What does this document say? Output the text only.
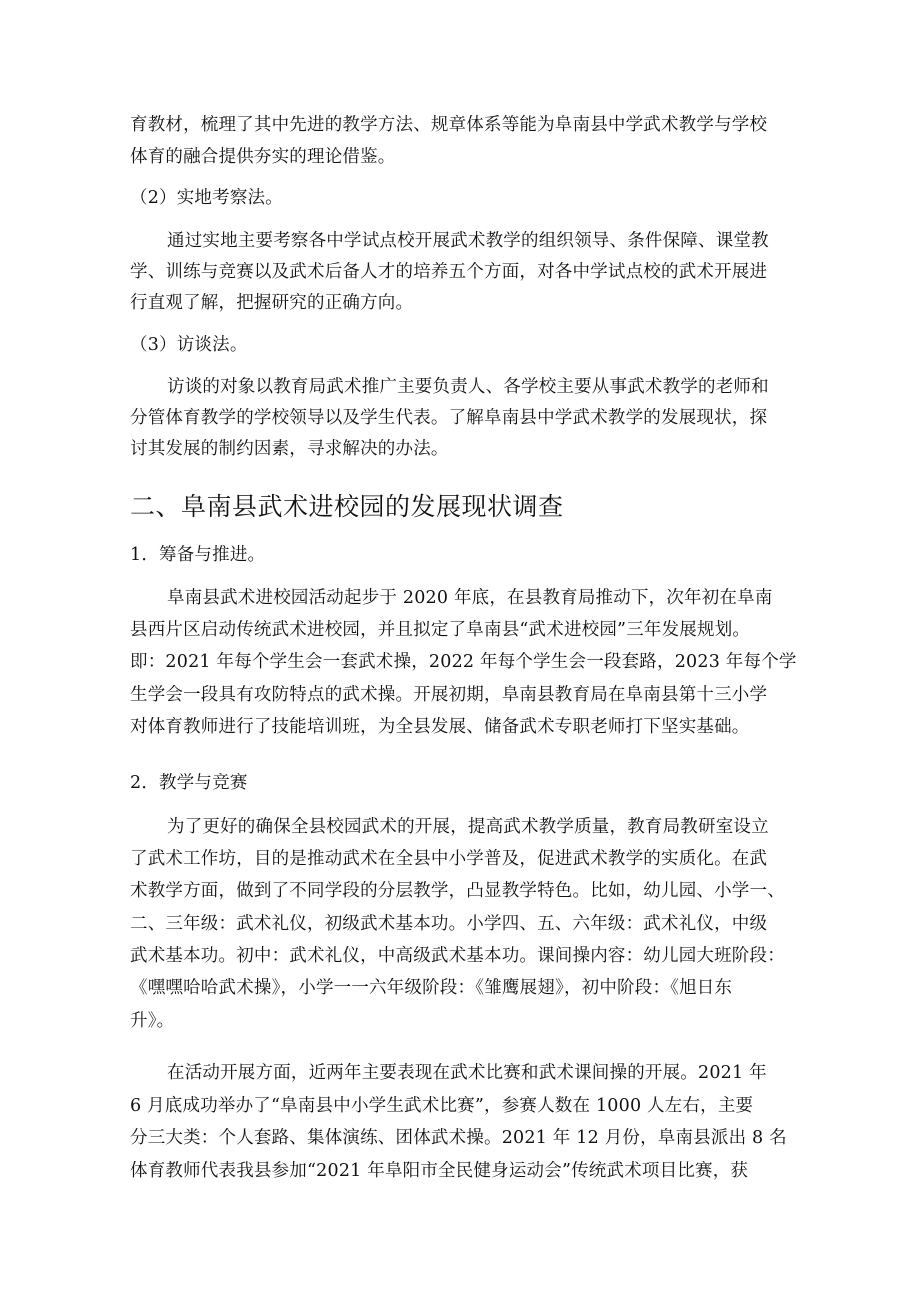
育教材，梳理了其中先进的教学方法、规章体系等能为阜南县中学武术教学与学校
体育的融合提供夯实的理论借鉴。
（2）实地考察法。
通过实地主要考察各中学试点校开展武术教学的组织领导、条件保障、课堂教
学、训练与竞赛以及武术后备人才的培养五个方面，对各中学试点校的武术开展进
行直观了解，把握研究的正确方向。
（3）访谈法。
访谈的对象以教育局武术推广主要负责人、各学校主要从事武术教学的老师和
分管体育教学的学校领导以及学生代表。了解阜南县中学武术教学的发展现状，探
讨其发展的制约因素，寻求解决的办法。
二、阜南县武术进校园的发展现状调查
1．筹备与推进。
阜南县武术进校园活动起步于 2020 年底，在县教育局推动下，次年初在阜南
县西片区启动传统武术进校园，并且拟定了阜南县“武术进校园”三年发展规划。
即：2021 年每个学生会一套武术操，2022 年每个学生会一段套路，2023 年每个学
生学会一段具有攻防特点的武术操。开展初期，阜南县教育局在阜南县第十三小学
对体育教师进行了技能培训班，为全县发展、储备武术专职老师打下坚实基础。
2．教学与竞赛
为了更好的确保全县校园武术的开展，提高武术教学质量，教育局教研室设立
了武术工作坊，目的是推动武术在全县中小学普及，促进武术教学的实质化。在武
术教学方面，做到了不同学段的分层教学，凸显教学特色。比如，幼儿园、小学一、
二、三年级：武术礼仪，初级武术基本功。小学四、五、六年级：武术礼仪，中级
武术基本功。初中：武术礼仪，中高级武术基本功。课间操内容：幼儿园大班阶段：
《嘿嘿哈哈武术操》，小学一一六年级阶段：《雏鹰展翅》，初中阶段：《旭日东
升》。
在活动开展方面，近两年主要表现在武术比赛和武术课间操的开展。2021 年
6 月底成功举办了“阜南县中小学生武术比赛”，参赛人数在 1000 人左右，主要
分三大类：个人套路、集体演练、团体武术操。2021 年 12 月份，阜南县派出 8 名
体育教师代表我县参加“2021 年阜阳市全民健身运动会”传统武术项目比赛，获
